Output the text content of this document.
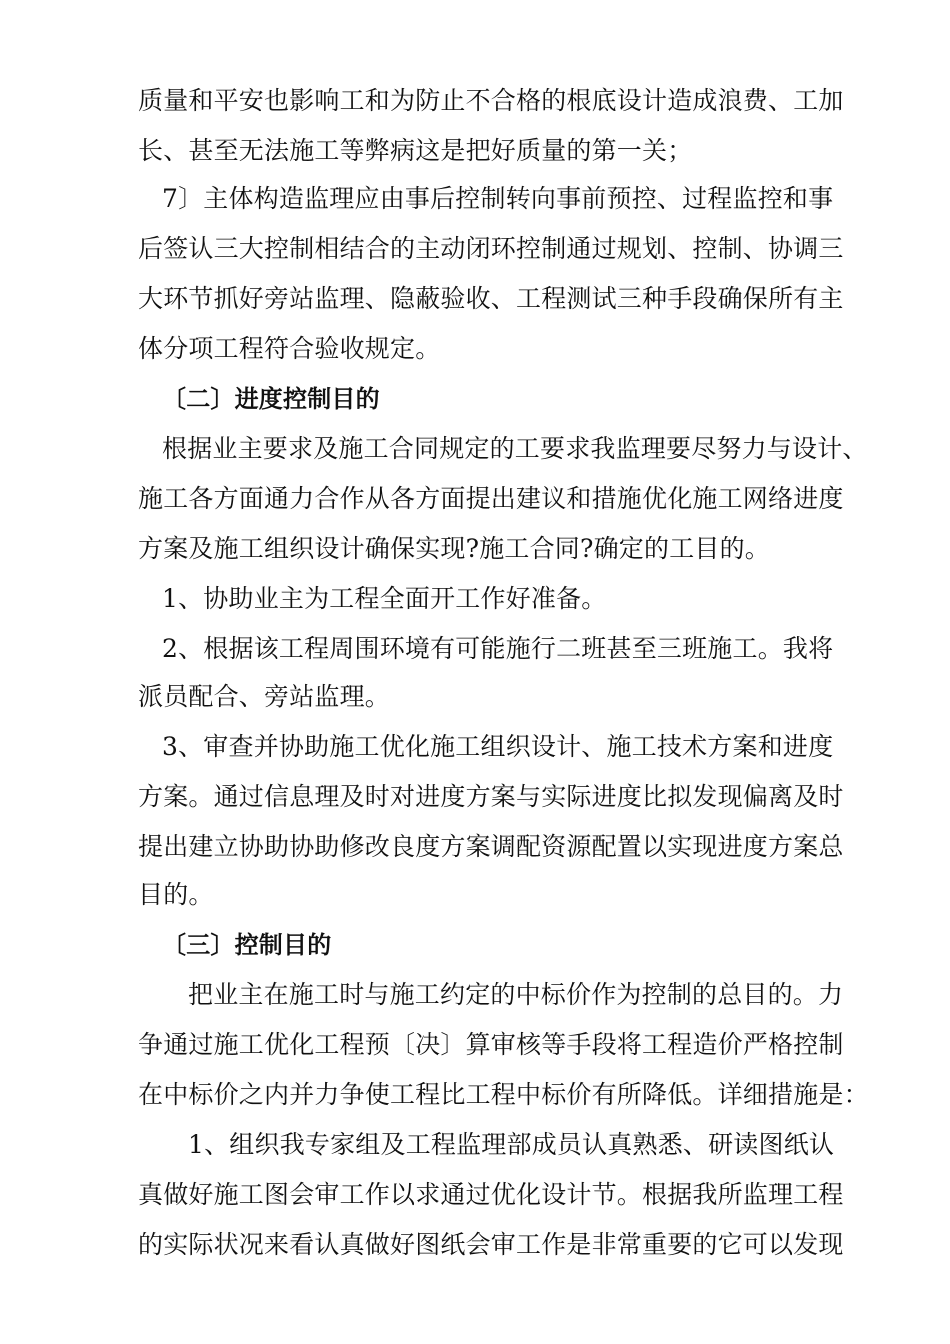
质量和平安也影响工和为防止不合格的根底设计造成浪费、工加
长、甚至无法施工等弊病这是把好质量的第一关；
7〕主体构造监理应由事后控制转向事前预控、过程监控和事
后签认三大控制相结合的主动闭环控制通过规划、控制、协调三
大环节抓好旁站监理、隐蔽验收、工程测试三种手段确保所有主
体分项工程符合验收规定。
〔二〕进度控制目的
根据业主要求及施工合同规定的工要求我监理要尽努力与设计、
施工各方面通力合作从各方面提出建议和措施优化施工网络进度
方案及施工组织设计确保实现?施工合同?确定的工目的。
1、协助业主为工程全面开工作好准备。
2、根据该工程周围环境有可能施行二班甚至三班施工。我将
派员配合、旁站监理。
3、审查并协助施工优化施工组织设计、施工技术方案和进度
方案。通过信息理及时对进度方案与实际进度比拟发现偏离及时
提出建立协助协助修改良度方案调配资源配置以实现进度方案总
目的。
〔三〕控制目的
把业主在施工时与施工约定的中标价作为控制的总目的。力
争通过施工优化工程预〔决〕算审核等手段将工程造价严格控制
在中标价之内并力争使工程比工程中标价有所降低。详细措施是：
1、组织我专家组及工程监理部成员认真熟悉、研读图纸认
真做好施工图会审工作以求通过优化设计节。根据我所监理工程
的实际状况来看认真做好图纸会审工作是非常重要的它可以发现
